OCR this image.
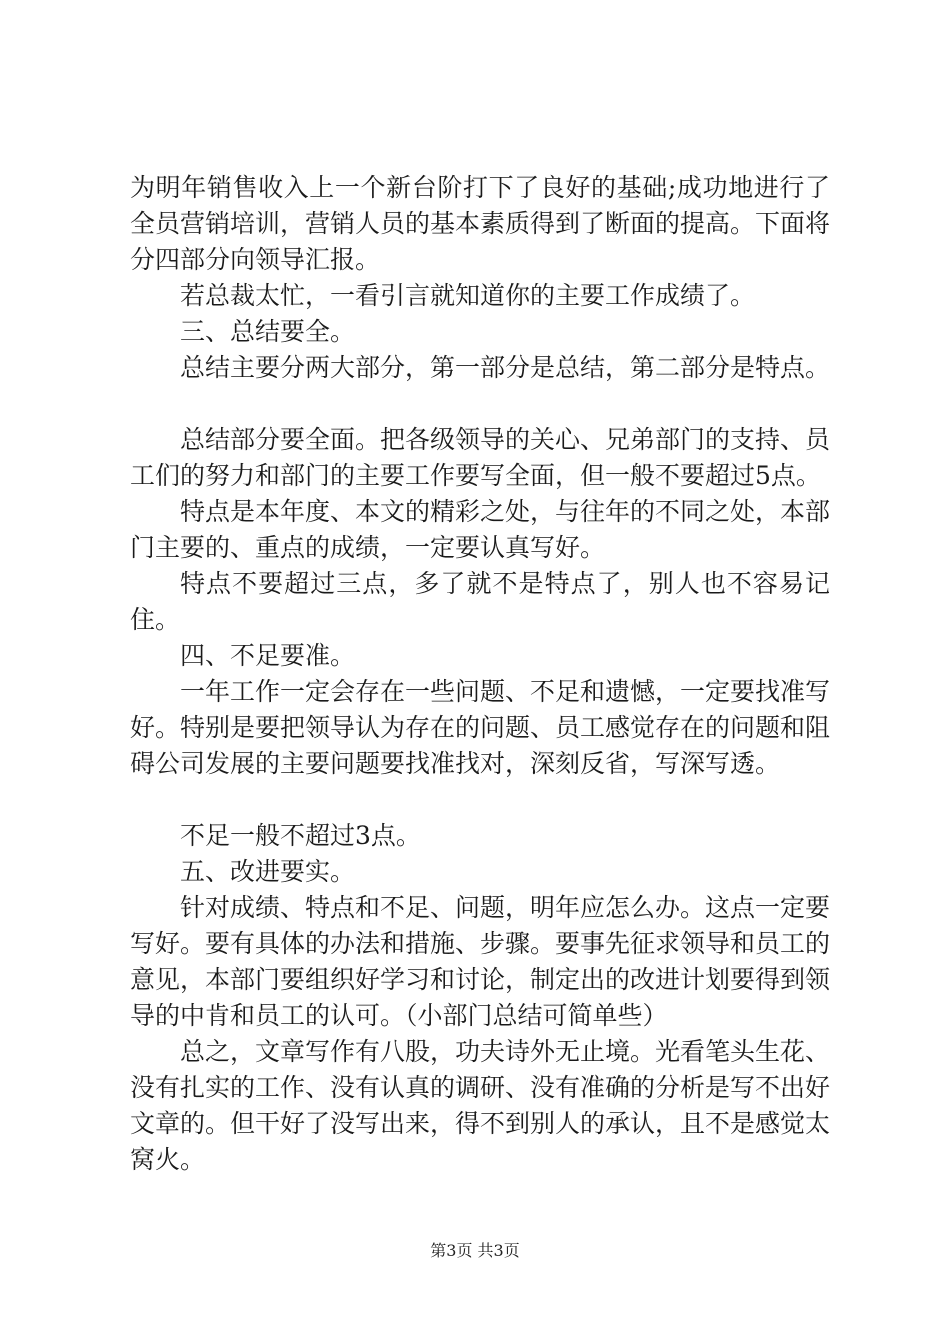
为明年销售收入上一个新台阶打下了良好的基础;成功地进行了全员营销培训，营销人员的基本素质得到了断面的提高。下面将分四部分向领导汇报。

若总裁太忙，一看引言就知道你的主要工作成绩了。

三、总结要全。

总结主要分两大部分，第一部分是总结，第二部分是特点。

总结部分要全面。把各级领导的关心、兄弟部门的支持、员工们的努力和部门的主要工作要写全面，但一般不要超过5点。

特点是本年度、本文的精彩之处，与往年的不同之处，本部门主要的、重点的成绩，一定要认真写好。

特点不要超过三点，多了就不是特点了，别人也不容易记住。

四、不足要准。

一年工作一定会存在一些问题、不足和遗憾，一定要找准写好。特别是要把领导认为存在的问题、员工感觉存在的问题和阻碍公司发展的主要问题要找准找对，深刻反省，写深写透。

不足一般不超过3点。

五、改进要实。

针对成绩、特点和不足、问题，明年应怎么办。这点一定要写好。要有具体的办法和措施、步骤。要事先征求领导和员工的意见，本部门要组织好学习和讨论，制定出的改进计划要得到领导的中肯和员工的认可。（小部门总结可简单些）

总之，文章写作有八股，功夫诗外无止境。光看笔头生花、没有扎实的工作、没有认真的调研、没有准确的分析是写不出好文章的。但干好了没写出来，得不到别人的承认，且不是感觉太窝火。

第3页 共3页
